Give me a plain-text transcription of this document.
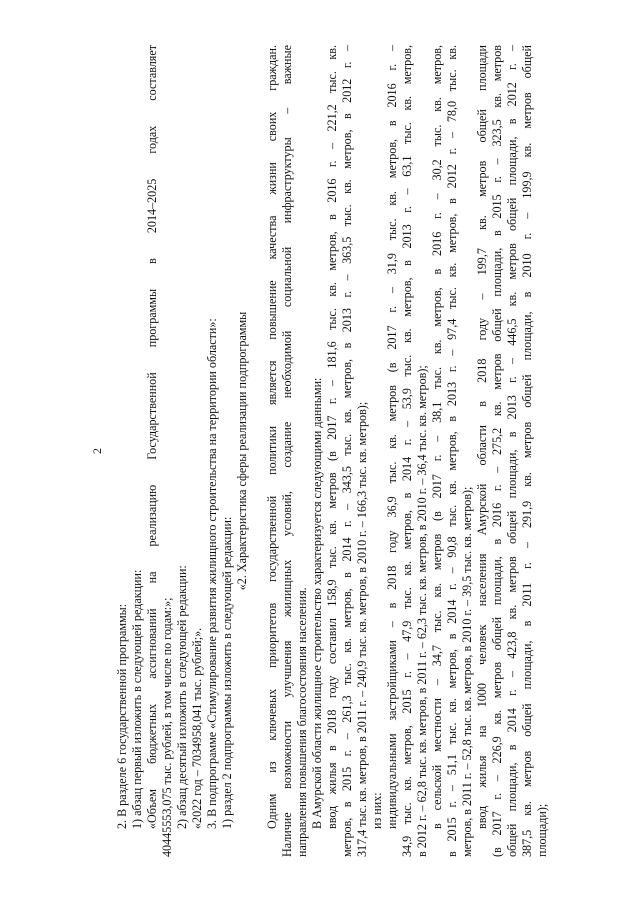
2
2. В разделе 6 государственной программы: 1) абзац первый изложить в следующей редакции: «Объем бюджетных ассигнований на реализацию Государственной программы в 2014–2025 годах составляет 40445553,075 тыс. рублей, в том числе по годам:»; 2) абзац десятый изложить в следующей редакции: «2022 год – 7034958,041 тыс. рублей;». 3. В подпрограмме «Стимулирование развития жилищного строительства на территории области»: 1) раздел 2 подпрограммы изложить в следующей редакции:
«2. Характеристика сферы реализации подпрограммы Одним из ключевых приоритетов государственной политики является повышение качества жизни своих граждан. Наличие возможности улучшения жилищных условий, создание необходимой социальной инфраструктуры – важные направления повышения благосостояния населения. В Амурской области жилищное строительство характеризуется следующими данными: ввод жилья в 2018 году составил 158,9 тыс. кв. метров (в 2017 г. – 181,6 тыс. кв. метров, в 2016 г. – 221,2 тыс. кв. метров, в 2015 г. – 261,3 тыс. кв. метров, в 2014 г. – 343,5 тыс. кв. метров, в 2013 г. – 363,5 тыс. кв. метров, в 2012 г. – 317,4 тыс. кв. метров, в 2011 г. – 240,9 тыс. кв. метров, в 2010 г. – 166,3 тыс. кв. метров); из них: индивидуальными застройщиками – в 2018 году 36,9 тыс. кв. метров (в 2017 г. – 31,9 тыс. кв. метров, в 2016 г. – 34,9 тыс. кв. метров, 2015 г. – 47,9 тыс. кв. метров, в 2014 г. – 53,9 тыс. кв. метров, в 2013 г. – 63,1 тыс. кв. метров, в 2012 г. – 62,8 тыс. кв. метров, в 2011 г. – 62,3 тыс. кв. метров, в 2010 г. – 36,4 тыс. кв. метров); в сельской местности – 34,7 тыс. кв. метров (в 2017 г. – 38,1 тыс. кв. метров, в 2016 г. – 30,2 тыс. кв. метров, в 2015 г. – 51,1 тыс. кв. метров, в 2014 г. – 90,8 тыс. кв. метров, в 2013 г. – 97,4 тыс. кв. метров, в 2012 г. – 78,0 тыс. кв. метров, в 2011 г. – 52,8 тыс. кв. метров, в 2010 г. – 39,5 тыс. кв. метров); ввод жилья на 1000 человек населения Амурской области в 2018 году – 199,7 кв. метров общей площади (в 2017 г. – 226,9 кв. метров общей площади, в 2016 г. – 275,2 кв. метров общей площади, в 2015 г. – 323,5 кв. метров общей площади, в 2014 г. – 423,8 кв. метров общей площади, в 2013 г. – 446,5 кв. метров общей площади, в 2012 г. – 387,5 кв. метров общей площади, в 2011 г. – 291,9 кв. метров общей площади, в 2010 г. – 199,9 кв. метров общей площади);
